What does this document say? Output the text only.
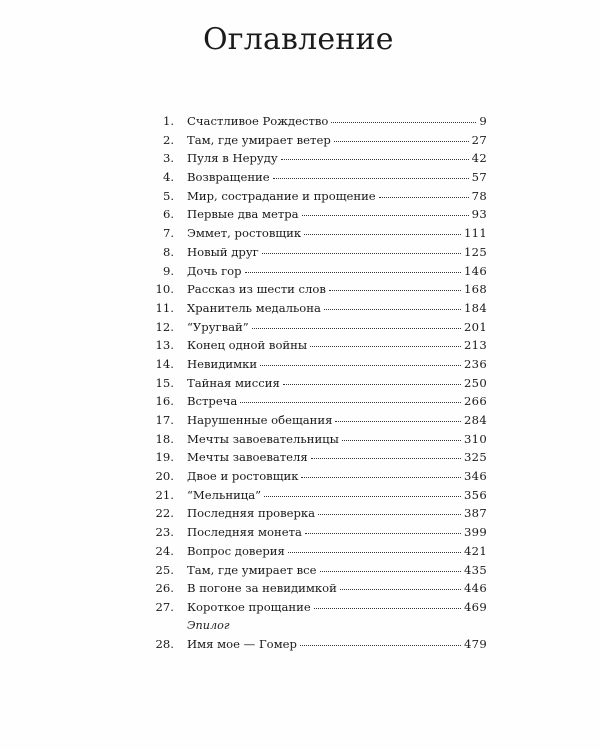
Оглавление
1. Счастливое Рождество	9
2. Там, где умирает ветер	27
3. Пуля в Неруду	42
4. Возвращение	57
5. Мир, сострадание и прощение	78
6. Первые два метра	93
7. Эммет, ростовщик	111
8. Новый друг	125
9. Дочь гор	146
10. Рассказ из шести слов	168
11. Хранитель медальона	184
12. “Уругвай”	201
13. Конец одной войны	213
14. Невидимки	236
15. Тайная миссия	250
16. Встреча	266
17. Нарушенные обещания	284
18. Мечты завоевательницы	310
19. Мечты завоевателя	325
20. Двое и ростовщик	346
21. “Мельница”	356
22. Последняя проверка	387
23. Последняя монета	399
24. Вопрос доверия	421
25. Там, где умирает все	435
26. В погоне за невидимкой	446
27. Короткое прощание	469
Эпилог
28. Имя мое — Гомер	479
